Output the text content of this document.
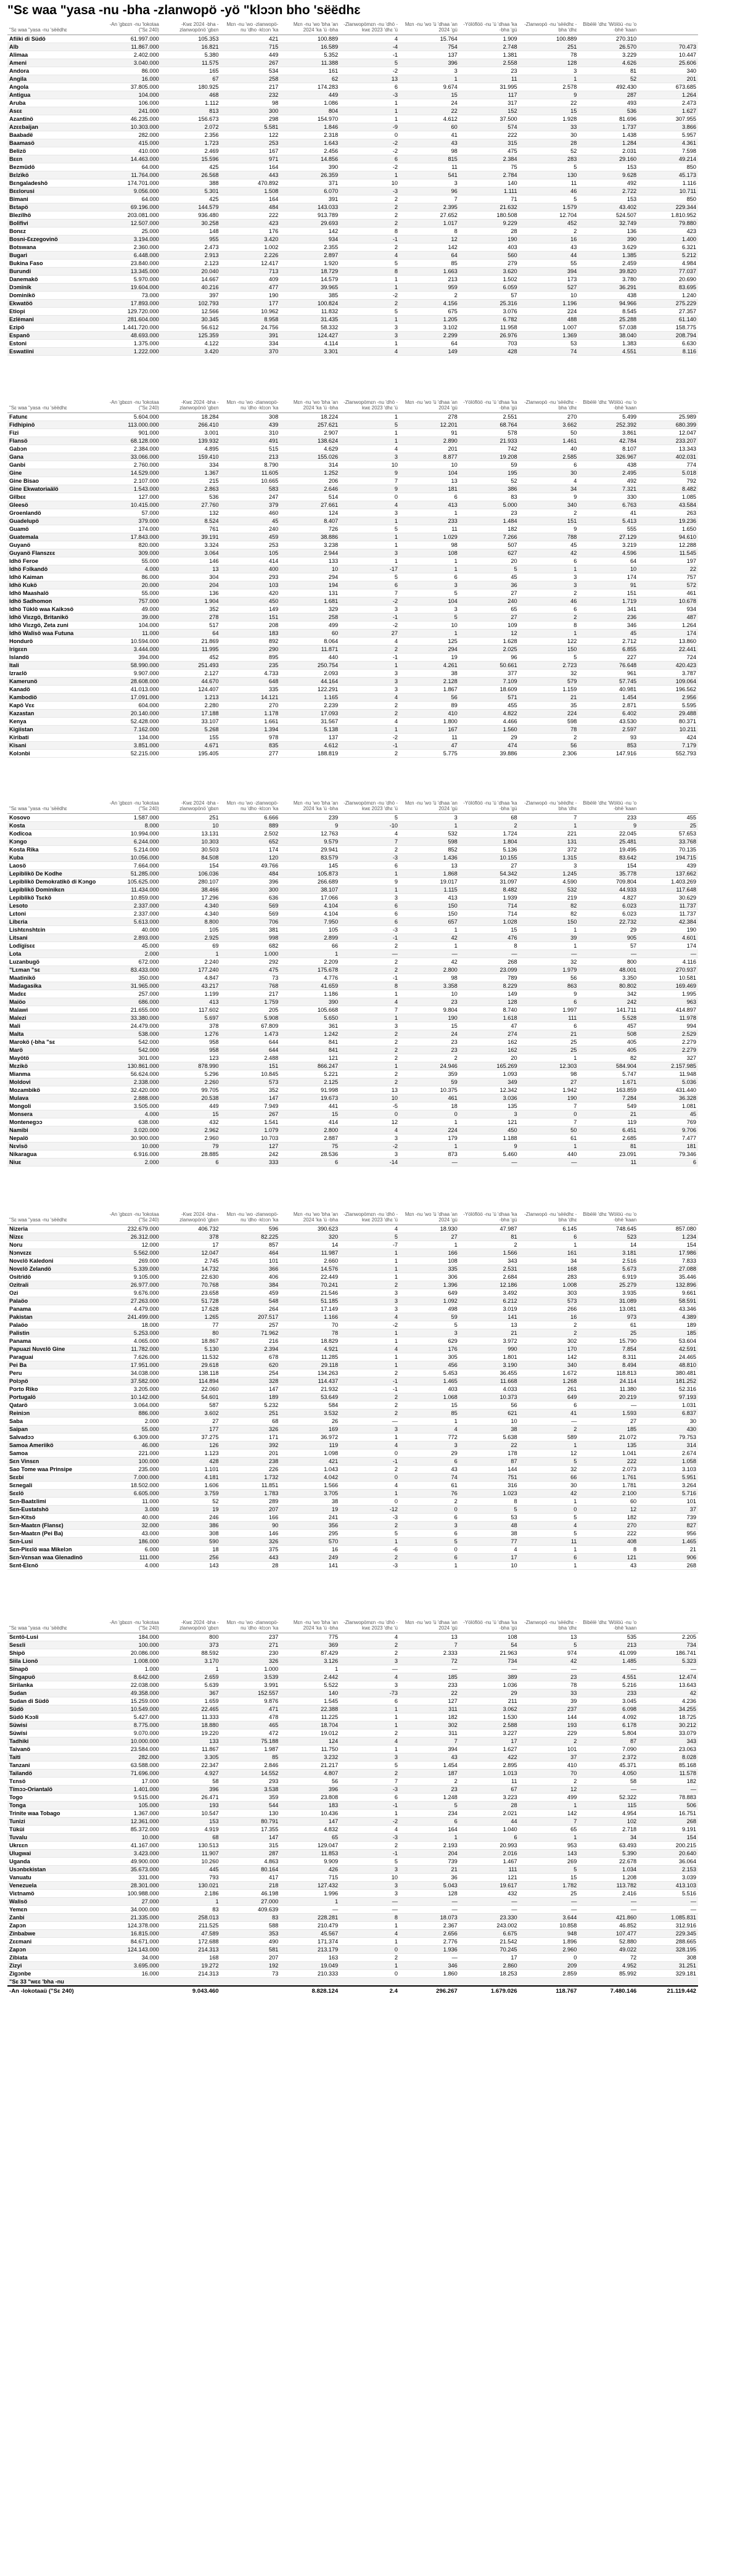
"Sɛ waa "yasa -nu -bha -zlanwopö -yö "klɔɔn bho 'sëëdhɛ
"Sɛ waa "yasa -nu 'sëëdhɛ	-An 'gbɛɛn -nu 'lokotaa ("Sɛ 240)	-Kwɛ 2024 -bha -zlanwopönö 'gbɛn	Mɛn -nu 'wo -zlanwopö-nu 'dho -klɔɔn 'ka	Mɛn -nu 'wo 'bha 'an 2024 'ka 'ü -bha	-Zlanwopömɛn -nu 'dhö -kwɛ 2023 'dhɛ 'ü	Mɛn -nu 'wo 'ü 'dhaa 'an 2024 'gü	-Yölöflöö -nu 'ü 'dhaa 'ka -bha 'gü	-Zlanwopö -nu 'sëëdhɛ -bha 'dhɛ	Bibëlë 'dhɛ 'Wölöü -nu 'o -bhë 'kaan	
Afiiki di Südö	61.997.000	105.353	421	100.889	4	15.764	1.909	100.889	270.310	
Alb	11.867.000	16.821	715	16.589	-4	754	2.748	251	26.570	70.473
Alimaa	2.402.000	5.380	449	5.352	-1	137	1.381	78	3.229	10.447
Ameni	3.040.000	11.575	267	11.388	5	396	2.558	128	4.626	25.606
Andora	86.000	165	534	161	-2	3	23	3	81	340
Angila	16.000	67	258	62	13	1	11	1	52	201
Angola	37.805.000	180.925	217	174.283	6	9.674	31.995	2.578	492.430	673.685
Antigua	104.000	468	232	449	-3	15	117	9	287	1.264
Aruba	106.000	1.112	98	1.086	1	24	317	22	493	2.473
Asɛɛ	241.000	813	300	804	1	22	152	15	536	1.627
Azantïnö	46.235.000	156.673	298	154.970	1	4.612	37.500	1.928	81.696	307.955
Azɛɛbaijan	10.303.000	2.072	5.581	1.846	-9	60	574	33	1.737	3.866
Baabadë	282.000	2.356	122	2.318	0	41	222	30	1.438	5.957
Baamasö	415.000	1.723	253	1.643	-2	43	315	28	1.284	4.361
Belizö	410.000	2.469	167	2.456	-2	98	475	52	2.031	7.598
Bɛɛn	14.463.000	15.596	971	14.856	6	815	2.384	283	29.160	49.214
Bezmüdö	64.000	425	164	390	-2	11	75	5	153	850
Bɛlzïkö	11.764.000	26.568	443	26.359	1	541	2.784	130	9.628	45.173
Bɛngaladeshö	174.701.000	388	470.892	371	10	3	140	11	492	1.116
Bɛɛlorusi	9.056.000	5.301	1.508	6.070	-3	96	1.111	46	2.722	10.711
Bimani	64.000	425	164	391	2	7	71	5	153	850
Bɛtapö	69.196.000	144.579	484	143.033	2	2.395	21.632	1.579	43.402	229.344
Blezïlhö	203.081.000	936.480	222	913.789	2	27.652	180.508	12.704	524.507	1.810.952
Bolïfivi	12.507.000	30.258	423	29.693	2	1.017	9.229	452	32.749	79.880
Bonɛz	25.000	148	176	142	8	8	28	2	136	423
Bosni-Ɛɛzegovinö	3.194.000	955	3.420	934	-1	12	190	16	390	1.400
Botswana	2.360.000	2.473	1.002	2.355	2	142	403	43	3.629	6.321
Bugari	6.448.000	2.913	2.226	2.897	4	64	560	44	1.385	5.212
Bukina Faso	23.840.000	2.123	12.417	1.920	5	85	279	55	2.459	4.984
Burundi	13.345.000	20.040	713	18.729	8	1.663	3.620	394	39.820	77.037
Danemakö	5.970.000	14.667	409	14.579	1	213	1.502	173	3.780	20.690
Dɔmïnik	19.604.000	40.216	477	39.965	1	959	6.059	527	36.291	83.695
Dominikö	73.000	397	190	385	-2	2	57	10	438	1.240
Ekwatöö	17.893.000	102.793	177	100.824	2	4.156	25.316	1.196	94.966	275.229
Etiopi	129.720.000	12.566	10.962	11.832	5	675	3.076	224	8.545	27.357
Ezlëmani	281.604.000	30.345	8.958	31.435	1	1.205	6.782	488	25.288	61.140
Ezipö	1.441.720.000	56.612	24.756	58.332	3	3.102	11.958	1.007	57.038	158.775
Espanö	48.693.000	125.359	391	124.427	3	2.299	26.976	1.369	38.040	208.794
Estoni	1.375.000	4.122	334	4.114	1	64	703	53	1.383	6.630
Eswatiini	1.222.000	3.420	370	3.301	4	149	428	74	4.551	8.116
"Sɛ waa "yasa -nu 'sëëdhɛ	-An 'gbɛɛn -nu 'lokotaa ("Sɛ 240)	-Kwɛ 2024 -bha -zlanwopönö 'gbɛn	Mɛn -nu 'wo -zlanwopö-nu 'dho -klɔɔn 'ka	Mɛn -nu 'wo 'bha 'an 2024 'ka 'ü -bha	-Zlanwopömɛn -nu 'dhö -kwɛ 2023 'dhɛ 'ü	Mɛn -nu 'wo 'ü 'dhaa 'an 2024 'gü	-Yölöflöö -nu 'ü 'dhaa 'ka -bha 'gü	-Zlanwopö -nu 'sëëdhɛ -bha 'dhɛ	Bibëlë 'dhɛ 'Wölöü -nu 'o -bhë 'kaan	
Fatunɛ	5.604.000	18.284	308	18.224	1	278	2.551	270	5.499	25.989
Fidhipinö	113.000.000	266.410	439	257.621	5	12.201	68.764	3.662	252.392	680.399
Fizi	901.000	3.001	310	2.907	1	91	578	50	3.861	12.047
Flansö	68.128.000	139.932	491	138.624	1	2.890	21.933	1.461	42.784	233.207
Gabɔn	2.384.000	4.895	515	4.629	4	201	742	40	8.107	13.343
Gana	33.066.000	159.410	213	155.026	3	8.877	19.208	2.585	326.967	402.031
Ganbi	2.760.000	334	8.790	314	10	10	59	6	438	774
Gine	14.529.000	1.367	11.605	1.252	9	104	195	30	2.495	5.018
Gine Bisao	2.107.000	215	10.665	206	7	13	52	4	492	792
Gine Ekwatoriaälö	1.543.000	2.863	583	2.646	9	181	386	34	7.321	8.482
Gilbɛɛ	127.000	536	247	514	0	6	83	9	330	1.085
Gleesö	10.415.000	27.760	379	27.661	4	413	5.000	340	6.763	43.584
Groenlandö	57.000	132	460	124	3	1	23	2	41	263
Guadelupö	379.000	8.524	45	8.407	1	233	1.484	151	5.413	19.236
Guamö	174.000	761	240	726	5	11	182	9	555	1.650
Guatemala	17.843.000	39.191	459	38.886	1	1.029	7.266	788	27.129	94.610
Guyanö	820.000	3.324	253	3.238	1	98	507	45	3.219	12.288
Guyanö Flanszɛɛ	309.000	3.064	105	2.944	3	108	627	42	4.596	11.545
Idhö Feroe	55.000	146	414	133	1	1	20	6	64	197
Idhö Fɔlkandö	4.000	13	400	10	-17	1	5	1	10	22
Idhö Kaiman	86.000	304	293	294	5	6	45	3	174	757
Idhö Kukö	20.000	204	103	194	6	3	36	3	91	572
Idhö Maashalö	55.000	136	420	131	7	5	27	2	151	461
Idhö Sadhomon	757.000	1.904	450	1.681	-2	104	240	46	1.719	10.678
Idhö Tüklö waa Kaikɔsö	49.000	352	149	329	3	3	65	6	341	934
Idhö Viɛzgö, Britanikö	39.000	278	151	258	-1	5	27	2	236	487
Idhö Viɛzgö, Zeta zuni	104.000	517	208	499	-2	10	109	8	346	1.264
Idhö Walïsö waa Futuna	11.000	64	183	60	27	1	12	1	45	174
Hondurö	10.594.000	21.869	892	8.064	4	125	1.628	122	2.712	13.860
Irigɛɛn	3.444.000	11.995	290	11.871	2	294	2.025	150	6.855	22.441
Islandö	394.000	452	895	440	-1	19	96	5	227	724
Itali	58.990.000	251.493	235	250.754	1	4.261	50.661	2.723	76.648	420.423
Izraɛlö	9.907.000	2.127	4.733	2.093	3	38	377	32	961	3.787
Kamerunö	28.608.000	44.670	648	44.164	3	2.128	7.109	579	57.745	109.064
Kanadö	41.013.000	124.407	335	122.291	3	1.867	18.609	1.159	40.981	196.562
Kambodiö	17.091.000	1.213	14.121	1.165	4	56	571	21	1.454	2.956
Kapö Vɛɛ	604.000	2.280	270	2.239	2	89	455	35	2.871	5.595
Kazastan	20.140.000	17.188	1.178	17.093	2	410	4.822	224	6.402	29.488
Kenya	52.428.000	33.107	1.661	31.567	4	1.800	4.466	598	43.530	80.371
Kigiistan	7.162.000	5.268	1.394	5.138	1	167	1.560	78	2.597	10.211
Kiribati	134.000	155	978	137	-2	11	29	2	93	424
Kïsani	3.851.000	4.671	835	4.612	-1	47	474	56	853	7.179
Kolɔnbi	52.215.000	195.405	277	188.819	2	5.775	39.886	2.306	147.916	552.793
"Sɛ waa "yasa -nu 'sëëdhɛ	-An 'gbɛɛn -nu 'lokotaa ("Sɛ 240)	-Kwɛ 2024 -bha -zlanwopönö 'gbɛn	Mɛn -nu 'wo -zlanwopö-nu 'dho -klɔɔn 'ka	Mɛn -nu 'wo 'bha 'an 2024 'ka 'ü -bha	-Zlanwopömɛn -nu 'dhö -kwɛ 2023 'dhɛ 'ü	Mɛn -nu 'wo 'ü 'dhaa 'an 2024 'gü	-Yölöflöö -nu 'ü 'dhaa 'ka -bha 'gü	-Zlanwopö -nu 'sëëdhɛ -bha 'dhɛ	Bibëlë 'dhɛ 'Wölöü -nu 'o -bhë 'kaan	
Kosovo	1.587.000	251	6.666	239	5	3	68	7	233	455
Kosta	8.000	10	889	9	-10	1	2	1	9	25
Kodïcoa	10.994.000	13.131	2.502	12.763	4	532	1.724	221	22.045	57.653
Kɔngo	6.244.000	10.303	652	9.579	7	598	1.804	131	25.481	33.768
Kosta Rika	5.214.000	30.503	174	29.941	2	852	5.136	372	19.495	70.135
Kuba	10.056.000	84.508	120	83.579	-3	1.436	10.155	1.315	83.642	194.715
Laosö	7.664.000	154	49.766	145	6	13	27	3	154	439
Lepiblikö De Kodhe	51.285.000	106.036	484	105.873	1	1.868	54.342	1.245	35.778	137.662
Lepiblikö Demokratikö di Kɔngo	105.625.000	280.107	396	266.689	9	19.017	31.097	4.590	709.804	1.403.269
Lepiblikö Dominikɛn	11.434.000	38.466	300	38.107	1	1.115	8.482	532	44.933	117.648
Lepiblikö Tsɛkö	10.859.000	17.296	636	17.066	3	413	1.939	219	4.827	30.629
Lesoto	2.337.000	4.340	569	4.104	6	150	714	82	6.023	11.737
Lɛtoni	2.337.000	4.340	569	4.104	6	150	714	82	6.023	11.737
Libɛria	5.613.000	8.800	706	7.950	6	657	1.028	150	22.732	42.384
Lishtɛnshtɛin	40.000	105	381	105	-3	1	15	1	29	190
Litsani	2.893.000	2.925	998	2.899	-1	42	476	39	905	4.601
Lodïgïsɛɛ	45.000	69	682	66	2	1	8	1	57	174
Lota	2.000	1	1.000	1	—	—	—	—	—	—
Luzanbugö	672.000	2.240	292	2.209	2	42	268	32	800	4.116
"Lɛman "sɛ	83.433.000	177.240	475	175.678	2	2.800	23.099	1.979	48.001	270.937
Maatinikö	350.000	4.847	73	4.776	-1	98	789	56	3.350	10.581
Madagasika	31.965.000	43.217	768	41.659	8	3.358	8.229	863	80.802	169.469
Madɛɛ	257.000	1.199	217	1.186	1	10	149	9	342	1.995
Maiöo	686.000	413	1.759	390	4	23	128	6	242	963
Malawi	21.655.000	117.602	205	105.668	7	9.804	8.740	1.997	141.711	414.897
Malezi	33.380.000	5.697	5.908	5.650	1	190	1.618	111	5.528	11.978
Mali	24.479.000	378	67.809	361	3	15	47	6	457	994
Malta	538.000	1.276	1.473	1.242	2	24	274	21	508	2.529
Marokö (-bha "sɛ	542.000	958	644	841	2	23	162	25	405	2.279
Marö	542.000	958	644	841	2	23	162	25	405	2.279
Mayötö	301.000	123	2.488	121	2	2	20	1	82	327
Mɛzikö	130.861.000	878.990	151	866.247	1	24.946	165.269	12.303	584.904	2.157.985
Mianma	56.624.000	5.296	10.845	5.221	2	359	1.093	98	5.747	11.948
Moldovi	2.338.000	2.260	573	2.125	2	59	349	27	1.671	5.036
Mozambikö	32.420.000	99.705	352	91.998	13	10.375	12.342	1.942	163.859	431.440
Mulava	2.888.000	20.538	147	19.673	10	461	3.036	190	7.284	36.328
Mongoli	3.505.000	449	7.949	441	-5	18	135	7	549	1.081
Monsera	4.000	15	267	15	0	0	3	0	21	45
Montenegɔɔ	638.000	432	1.541	414	12	1	121	7	119	769
Namibi	3.020.000	2.962	1.079	2.800	4	224	450	50	6.451	9.706
Nepalö	30.900.000	2.960	10.703	2.887	3	179	1.188	61	2.685	7.477
Nɛvïsö	10.000	79	127	75	-2	1	9	1	81	181
Nikaragua	6.916.000	28.885	242	28.536	3	873	5.460	440	23.091	79.346
Niuɛ	2.000	6	333	6	-14	—	—	—	11	6
"Sɛ waa "yasa -nu 'sëëdhɛ	-An 'gbɛɛn -nu 'lokotaa ("Sɛ 240)	-Kwɛ 2024 -bha -zlanwopönö 'gbɛn	Mɛn -nu 'wo -zlanwopö-nu 'dho -klɔɔn 'ka	Mɛn -nu 'wo 'bha 'an 2024 'ka 'ü -bha	-Zlanwopömɛn -nu 'dhö -kwɛ 2023 'dhɛ 'ü	Mɛn -nu 'wo 'ü 'dhaa 'an 2024 'gü	-Yölöflöö -nu 'ü 'dhaa 'ka -bha 'gü	-Zlanwopö -nu 'sëëdhɛ -bha 'dhɛ	Bibëlë 'dhɛ 'Wölöü -nu 'o -bhë 'kaan	
Nizeria	232.679.000	406.732	596	390.623	4	18.930	47.987	6.145	748.645	857.080
Nïzɛɛ	26.312.000	378	82.225	320	5	27	81	6	523	1.234
Noru	12.000	17	857	14	-7	1	2	1	14	154
Nɔnvɛzɛ	5.562.000	12.047	464	11.987	1	166	1.566	161	3.181	17.986
Novɛlö Kaledoni	269.000	2.745	101	2.660	1	108	343	34	2.516	7.833
Novɛlö Zelandö	5.339.000	14.732	366	14.576	1	335	2.531	168	5.673	27.088
Ositrïdö	9.105.000	22.630	406	22.449	1	306	2.684	283	6.919	35.446
Ozitrali	26.977.000	70.768	384	70.241	2	1.396	12.186	1.008	25.279	132.896
Ozi	9.676.000	23.658	459	21.546	3	649	3.492	303	3.935	9.661
Palaöo	27.263.000	51.728	548	51.185	3	1.092	6.212	573	31.089	58.591
Panama	4.479.000	17.628	264	17.149	3	498	3.019	266	13.081	43.346
Pakistan	241.499.000	1.265	207.517	1.166	4	59	141	16	973	4.389
Palaöo	18.000	77	257	70	-2	5	13	2	61	189
Palistin	5.253.000	80	71.962	78	1	3	21	2	25	185
Panama	4.065.000	18.867	216	18.829	1	629	3.972	302	15.790	53.604
Papuazi Nuvɛlö Gine	11.782.000	5.130	2.394	4.921	4	176	990	170	7.854	42.591
Paraguai	7.626.000	11.532	678	11.285	1	305	1.801	142	8.311	24.465
Pei Ba	17.951.000	29.618	620	29.118	1	456	3.190	340	8.494	48.810
Peru	34.038.000	138.118	254	134.263	2	5.453	36.455	1.672	118.813	380.481
Polɔɲö	37.582.000	114.894	328	114.437	-1	1.465	11.668	1.268	24.114	181.252
Porto Riko	3.205.000	22.060	147	21.932	-1	403	4.033	261	11.380	52.316
Portugalö	10.142.000	54.601	189	53.649	2	1.068	10.373	649	20.219	97.193
Qatarö	3.064.000	587	5.232	584	2	15	56	6	—	1.031
Reiniɔn	886.000	3.602	251	3.532	2	85	621	41	1.593	6.837
Saba	2.000	27	68	26	—	1	10	—	27	30
Saipan	55.000	177	326	169	3	4	38	2	185	430
Salvadɔɔ	6.309.000	37.275	171	36.972	1	772	5.638	589	21.072	79.753
Samoa Ameriikö	46.000	126	392	119	4	3	22	1	135	314
Samoa	221.000	1.123	201	1.098	0	29	178	12	1.041	2.674
Sɛn Vinsɛn	100.000	428	238	421	-1	6	87	5	222	1.058
Sao Tome waa Prinsipe	235.000	1.101	226	1.043	2	43	144	32	2.073	3.103
Sɛɛbi	7.000.000	4.181	1.732	4.042	0	74	751	66	1.761	5.951
Sɛnegali	18.502.000	1.606	11.851	1.566	4	61	316	30	1.781	3.264
Sɛɛlö	6.605.000	3.759	1.783	3.705	1	76	1.023	42	2.100	5.716
Sɛn-Baatɛlimi	11.000	52	289	38	0	2	8	1	60	101
Sɛn-Eustatshö	3.000	19	207	19	-12	0	5	0	12	37
Sɛn-Kitsö	40.000	246	166	241	-3	6	53	5	182	739
Sɛn-Maatɛn (Flansɛ)	32.000	386	90	356	2	3	48	4	270	827
Sɛn-Maatɛn (Pei Ba)	43.000	308	146	295	5	6	38	5	222	956
Sɛn-Lusi	186.000	590	326	570	1	5	77	11	408	1.465
Sɛn-Piɛɛlö waa Mikelɔn	6.000	18	375	16	-6	0	4	1	8	21
Sɛn-Vɛnsan waa Glenadinö	111.000	256	443	249	2	6	17	6	121	906
Sɛnt-Elɛnö	4.000	143	28	141	-3	1	10	1	43	268
"Sɛ waa "yasa -nu 'sëëdhɛ	-An 'gbɛɛn -nu 'lokotaa ("Sɛ 240)	-Kwɛ 2024 -bha -zlanwopönö 'gbɛn	Mɛn -nu 'wo -zlanwopö-nu 'dho -klɔɔn 'ka	Mɛn -nu 'wo 'bha 'an 2024 'ka 'ü -bha	-Zlanwopömɛn -nu 'dhö -kwɛ 2023 'dhɛ 'ü	Mɛn -nu 'wo 'ü 'dhaa 'an 2024 'gü	-Yölöflöö -nu 'ü 'dhaa 'ka -bha 'gü	-Zlanwopö -nu 'sëëdhɛ -bha 'dhɛ	Bibëlë 'dhɛ 'Wölöü -nu 'o -bhë 'kaan	
Sɛntö-Lusi	184.000	800	237	775	4	13	108	13	535	2.205
Sesɛli	100.000	373	271	369	2	7	54	5	213	734
Shipö	20.086.000	88.592	230	87.429	2	2.333	21.963	974	41.099	186.741
Siila Lionö	1.008.000	3.170	326	3.126	3	72	734	42	1.485	5.323
Sïnapö	1.000	1	1.000	1	—	—	—	—	—	—
Sïngapuö	8.642.000	2.659	3.539	2.442	4	185	389	23	4.551	12.474
Sirilanka	22.038.000	5.639	3.991	5.522	3	233	1.036	78	5.216	13.643
Sudan	49.358.000	367	152.557	140	-73	22	29	33	233	42
Sudan di Südö	15.259.000	1.659	9.876	1.545	6	127	211	39	3.045	4.236
Südö	10.549.000	22.465	471	22.388	1	311	3.062	237	6.098	34.255
Südö Kɔɔli	5.427.000	11.333	478	11.225	1	182	1.530	144	4.092	18.725
Süwisi	8.775.000	18.880	465	18.704	1	302	2.588	193	6.178	30.212
Süwïsi	9.070.000	19.220	472	19.012	2	311	3.227	229	5.804	33.079
Tadhiki	10.000.000	133	75.188	124	4	7	17	2	87	343
Taivanö	23.584.000	11.867	1.987	11.750	1	394	1.627	101	7.090	23.063
Taiti	282.000	3.305	85	3.232	3	43	422	37	2.372	8.028
Tanzani	63.588.000	22.347	2.846	21.217	5	1.454	2.895	410	45.371	85.168
Tailandö	71.696.000	4.927	14.552	4.807	2	187	1.013	70	4.050	11.578
Tɛnsö	17.000	58	293	56	7	2	11	2	58	182
Tïmɔɔ-Oriantalö	1.401.000	396	3.538	396	-3	23	67	12	—	—
Togo	9.515.000	26.471	359	23.808	6	1.248	3.223	499	52.322	78.883
Tonga	105.000	193	544	183	-1	5	28	1	115	506
Trinite waa Tobago	1.367.000	10.547	130	10.436	1	234	2.021	142	4.954	16.751
Tunizi	12.361.000	153	80.791	147	-2	6	44	7	102	268
Tüküi	85.372.000	4.919	17.355	4.832	4	164	1.040	65	2.718	9.191
Tuvalu	10.000	68	147	65	-3	1	6	1	34	154
Ukrɛɛn	41.167.000	130.513	315	129.047	2	2.193	20.993	953	63.493	200.215
Ulugwai	3.423.000	11.907	287	11.853	-1	204	2.016	143	5.390	20.640
Uganda	49.900.000	10.260	4.863	9.909	5	739	1.467	269	22.678	36.064
Usɔnbɛkistan	35.673.000	445	80.164	426	3	21	111	5	1.034	2.153
Vanuatu	331.000	793	417	715	10	36	121	15	1.208	3.039
Venezuela	28.301.000	130.021	218	127.432	3	5.043	19.617	1.782	113.782	413.103
Viɛtnamö	100.988.000	2.186	46.198	1.996	3	128	432	25	2.416	5.516
Walisö	27.000	1	27.000	1	—	—	—	—	—	—
Yemɛn	34.000.000	83	409.639	—	—	—	—	—	—	—
Zanbi	21.335.000	258.013	83	228.281	8	18.073	23.330	3.644	421.860	1.085.831
Zapɔn	124.378.000	211.525	588	210.479	1	2.367	243.002	10.858	46.852	312.916
Zïnbabwe	16.815.000	47.589	353	45.567	4	2.656	6.675	948	107.477	229.345
Zɛɛmani	84.671.000	172.688	490	171.374	1	2.776	21.542	1.896	52.880	288.665
Zapɔn	124.143.000	214.313	581	213.179	0	1.936	70.245	2.960	49.022	328.195
Zibiata	34.000	168	207	163	2	—	17	0	72	308
Zizyi	3.695.000	19.272	192	19.049	1	346	2.860	209	4.952	31.251
Zigɔnbe	16.000	214.313	73	210.333	0	1.860	18.253	2.859	85.992	329.181
"Sɛ 33 "wɛɛ 'bha -nu										
-An -lokotaaü ("Sɛ 240)		9.043.460		8.828.124	2.4	296.267	1.679.026	118.767	7.480.146	21.119.442
